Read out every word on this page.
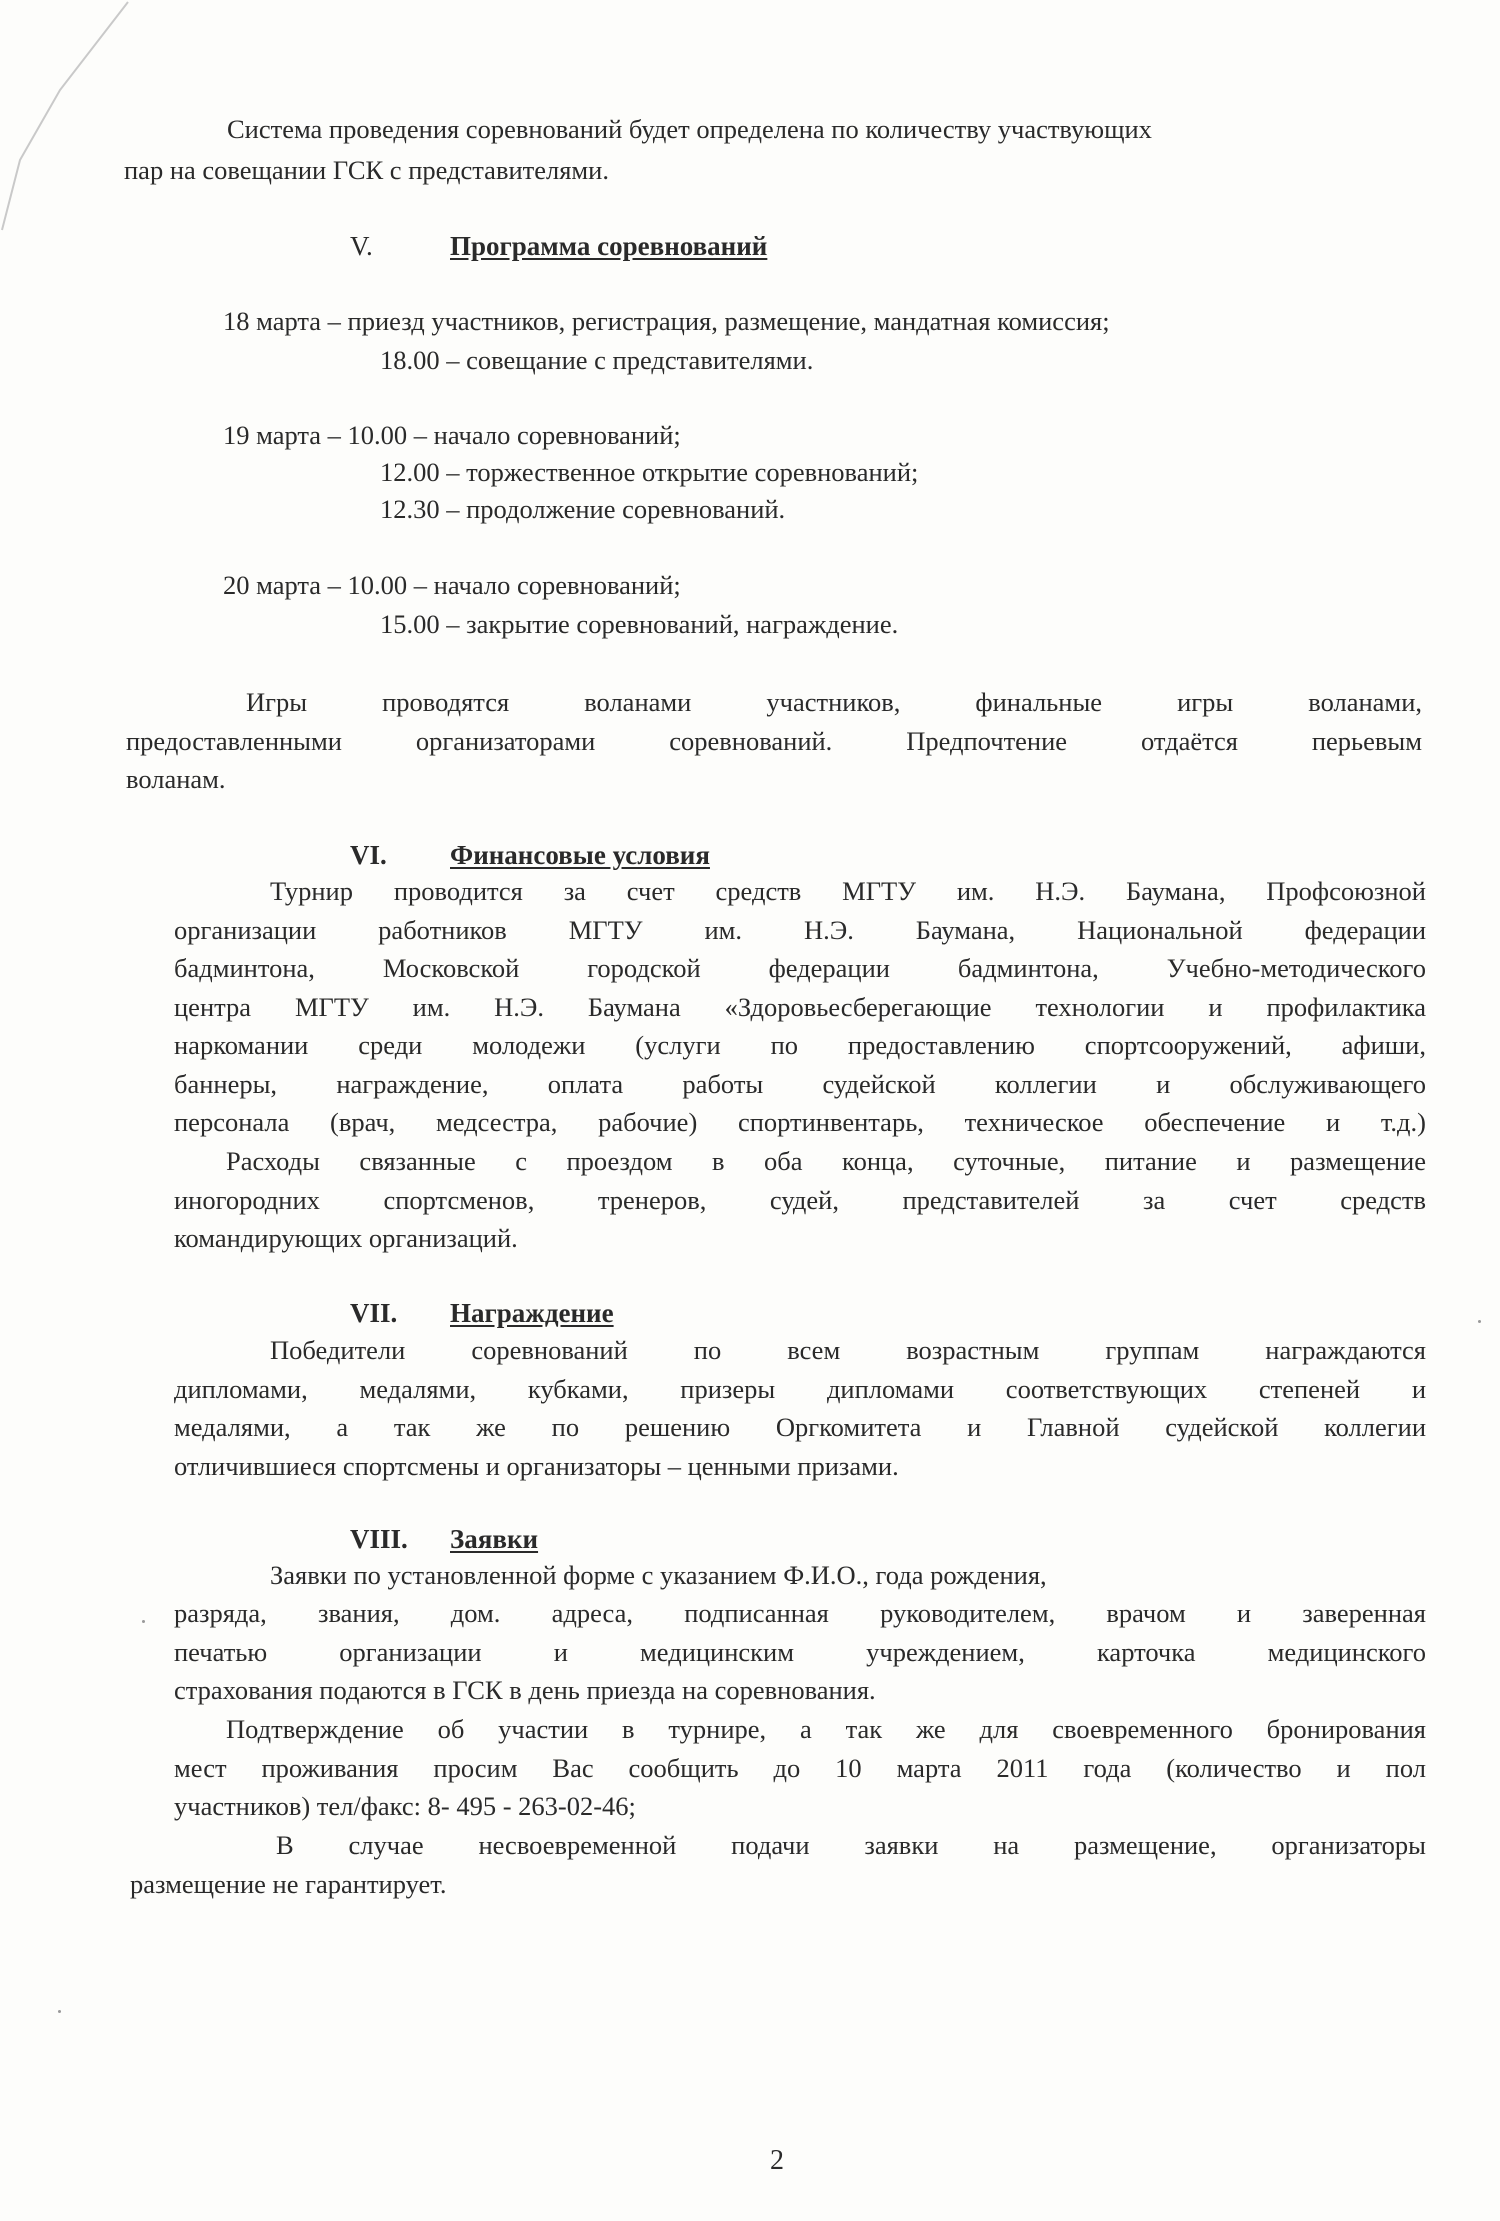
Система проведения соревнований будет определена по количеству участвующих
пар на совещании ГСК с представителями.
V.	Программа соревнований
18 марта – приезд участников, регистрация, размещение, мандатная комиссия;
18.00 – совещание с представителями.
19 марта – 10.00 – начало соревнований;
12.00 – торжественное открытие соревнований;
12.30 – продолжение соревнований.
20 марта – 10.00 – начало соревнований;
15.00 – закрытие соревнований, награждение.
Игры проводятся воланами участников, финальные игры воланами,
предоставленными организаторами соревнований. Предпочтение отдаётся перьевым
воланам.
VI. Финансовые условия
Турнир проводится за счет средств МГТУ им. Н.Э. Баумана, Профсоюзной
организации работников МГТУ им. Н.Э. Баумана, Национальной федерации
бадминтона, Московской городской федерации бадминтона, Учебно-методического
центра МГТУ им. Н.Э. Баумана «Здоровьесберегающие технологии и профилактика
наркомании среди молодежи (услуги по предоставлению спортсооружений, афиши,
баннеры, награждение, оплата работы судейской коллегии и обслуживающего
персонала (врач, медсестра, рабочие) спортинвентарь, техническое обеспечение и т.д.)
Расходы связанные с проездом в оба конца, суточные, питание и размещение
иногородних спортсменов, тренеров, судей, представителей за счет средств
командирующих организаций.
VII. Награждение
Победители соревнований по всем возрастным группам награждаются
дипломами, медалями, кубками, призеры дипломами соответствующих степеней и
медалями, а так же по решению Оргкомитета и Главной судейской коллегии
отличившиеся спортсмены и организаторы – ценными призами.
VIII. Заявки
Заявки по установленной форме с указанием Ф.И.О., года рождения,
разряда, звания, дом. адреса, подписанная руководителем, врачом и заверенная
печатью организации и медицинским учреждением, карточка медицинского
страхования подаются в ГСК в день приезда на соревнования.
Подтверждение об участии в турнире, а так же для своевременного бронирования
мест проживания просим Вас сообщить до 10 марта 2011 года (количество и пол
участников) тел/факс: 8- 495 - 263-02-46;
В случае несвоевременной подачи заявки на размещение, организаторы
размещение не гарантирует.
2
